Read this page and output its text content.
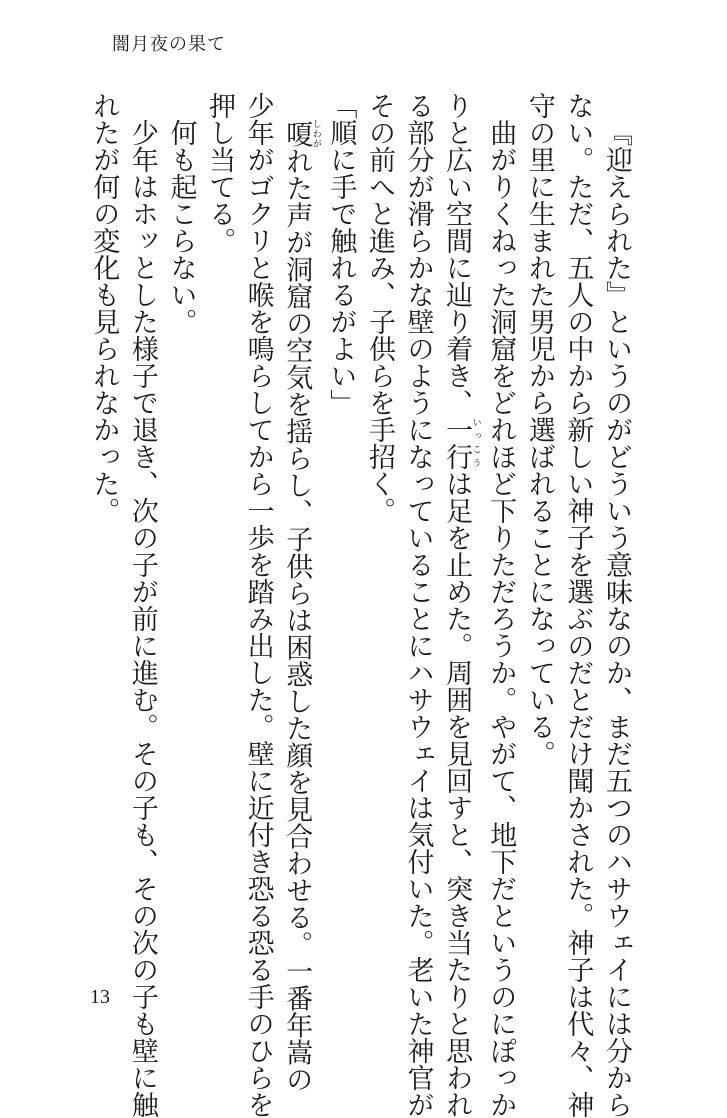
闇月夜の果て

『迎えられた』というのがどういう意味なのか、まだ五つのハサウェイには分から

ない。ただ、五人の中から新しい神子を選ぶのだとだけ聞かされた。神子は代々、神

守の里に生まれた男児から選ばれることになっている。

曲がりくねった洞窟をどれほど下りただろうか。やがて、地下だというのにぽっか

りと広い空間に辿り着き、一行いっこうは足を止めた。周囲を見回すと、突き当たりと思われ

る部分が滑らかな壁のようになっていることにハサウェイは気付いた。老いた神官が

その前へと進み、子供らを手招く。

「順に手で触れるがよい」

嗄しわがれた声が洞窟の空気を揺らし、子供らは困惑した顔を見合わせる。一番年嵩の

少年がゴクリと喉を鳴らしてから一歩を踏み出した。壁に近付き恐る恐る手のひらを

押し当てる。

何も起こらない。

少年はホッとした様子で退き、次の子が前に進む。その子も、その次の子も壁に触

れたが何の変化も見られなかった。

13
